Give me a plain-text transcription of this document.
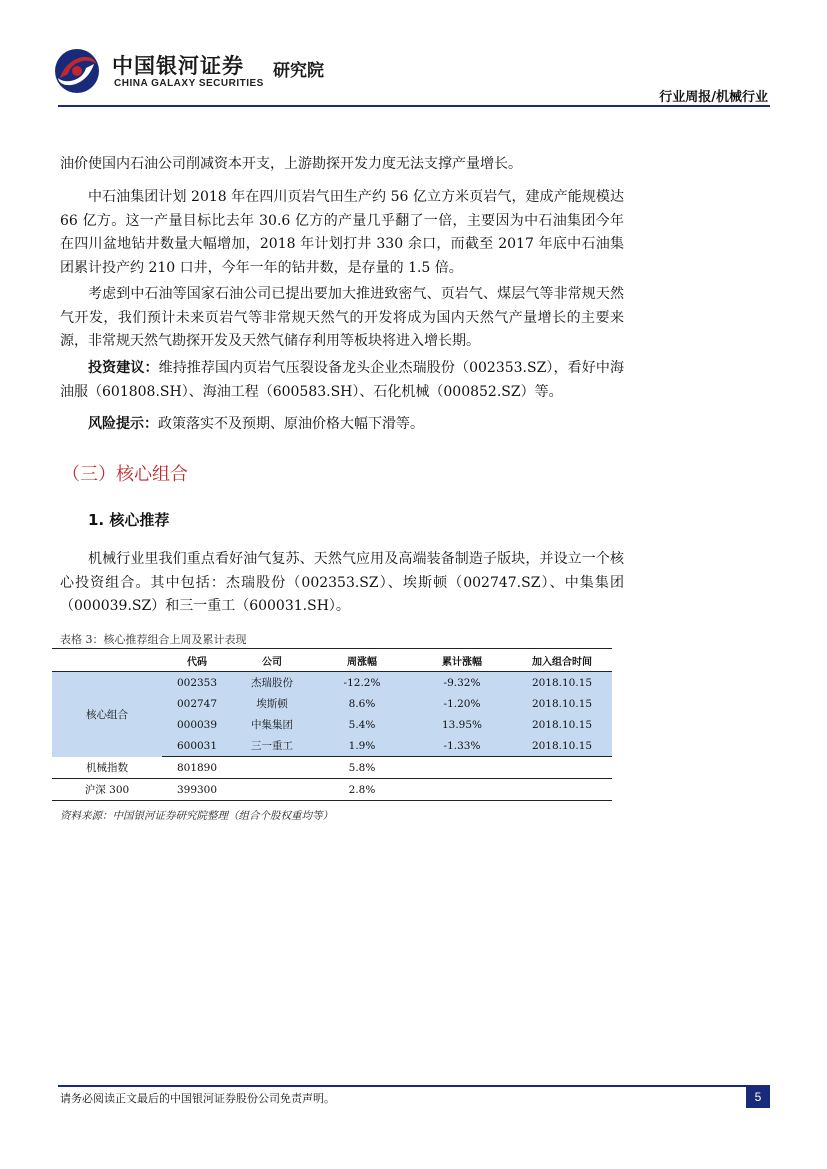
中国银河证券
CHINA GALAXY SECURITIES
研究院
行业周报/机械行业

油价使国内石油公司削减资本开支，上游勘探开发力度无法支撑产量增长。

中石油集团计划 2018 年在四川页岩气田生产约 56 亿立方米页岩气，建成产能规模达 66 亿方。这一产量目标比去年 30.6 亿方的产量几乎翻了一倍，主要因为中石油集团今年在四川盆地钻井数量大幅增加，2018 年计划打井 330 余口，而截至 2017 年底中石油集团累计投产约 210 口井，今年一年的钻井数，是存量的 1.5 倍。

考虑到中石油等国家石油公司已提出要加大推进致密气、页岩气、煤层气等非常规天然气开发，我们预计未来页岩气等非常规天然气的开发将成为国内天然气产量增长的主要来源，非常规天然气勘探开发及天然气储存利用等板块将进入增长期。

投资建议：维持推荐国内页岩气压裂设备龙头企业杰瑞股份（002353.SZ），看好中海油服（601808.SH）、海油工程（600583.SH）、石化机械（000852.SZ）等。

风险提示：政策落实不及预期、原油价格大幅下滑等。

（三）核心组合
1. 核心推荐

机械行业里我们重点看好油气复苏、天然气应用及高端装备制造子版块，并设立一个核心投资组合。其中包括：杰瑞股份（002353.SZ）、埃斯顿（002747.SZ）、中集集团（000039.SZ）和三一重工（600031.SH）。

表格 3：核心推荐组合上周及累计表现
	代码	公司	周涨幅	累计涨幅	加入组合时间
核心组合	002353	杰瑞股份	-12.2%	-9.32%	2018.10.15
	002747	埃斯顿	8.6%	-1.20%	2018.10.15
	000039	中集集团	5.4%	13.95%	2018.10.15
	600031	三一重工	1.9%	-1.33%	2018.10.15
机械指数	801890		5.8%		
沪深 300	399300		2.8%		
资料来源：中国银河证券研究院整理（组合个股权重均等）
请务必阅读正文最后的中国银河证券股份公司免责声明。	5
